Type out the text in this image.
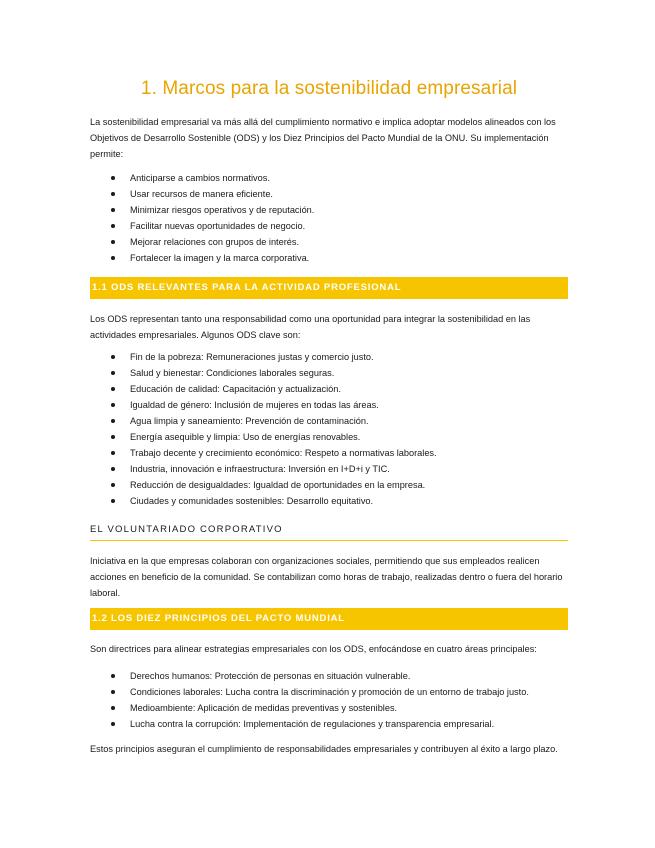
1. Marcos para la sostenibilidad empresarial

La sostenibilidad empresarial va más allá del cumplimiento normativo e implica adoptar modelos alineados con los Objetivos de Desarrollo Sostenible (ODS) y los Diez Principios del Pacto Mundial de la ONU. Su implementación permite:

Anticiparse a cambios normativos.
Usar recursos de manera eficiente.
Minimizar riesgos operativos y de reputación.
Facilitar nuevas oportunidades de negocio.
Mejorar relaciones con grupos de interés.
Fortalecer la imagen y la marca corporativa.
1.1 ODS RELEVANTES PARA LA ACTIVIDAD PROFESIONAL

Los ODS representan tanto una responsabilidad como una oportunidad para integrar la sostenibilidad en las actividades empresariales. Algunos ODS clave son:

Fin de la pobreza: Remuneraciones justas y comercio justo.
Salud y bienestar: Condiciones laborales seguras.
Educación de calidad: Capacitación y actualización.
Igualdad de género: Inclusión de mujeres en todas las áreas.
Agua limpia y saneamiento: Prevención de contaminación.
Energía asequible y limpia: Uso de energías renovables.
Trabajo decente y crecimiento económico: Respeto a normativas laborales.
Industria, innovación e infraestructura: Inversión en I+D+i y TIC.
Reducción de desigualdades: Igualdad de oportunidades en la empresa.
Ciudades y comunidades sostenibles: Desarrollo equitativo.
EL VOLUNTARIADO CORPORATIVO

Iniciativa en la que empresas colaboran con organizaciones sociales, permitiendo que sus empleados realicen acciones en beneficio de la comunidad. Se contabilizan como horas de trabajo, realizadas dentro o fuera del horario laboral.

1.2 LOS DIEZ PRINCIPIOS DEL PACTO MUNDIAL

Son directrices para alinear estrategias empresariales con los ODS, enfocándose en cuatro áreas principales:

Derechos humanos: Protección de personas en situación vulnerable.
Condiciones laborales: Lucha contra la discriminación y promoción de un entorno de trabajo justo.
Medioambiente: Aplicación de medidas preventivas y sostenibles.
Lucha contra la corrupción: Implementación de regulaciones y transparencia empresarial.

Estos principios aseguran el cumplimiento de responsabilidades empresariales y contribuyen al éxito a largo plazo.
